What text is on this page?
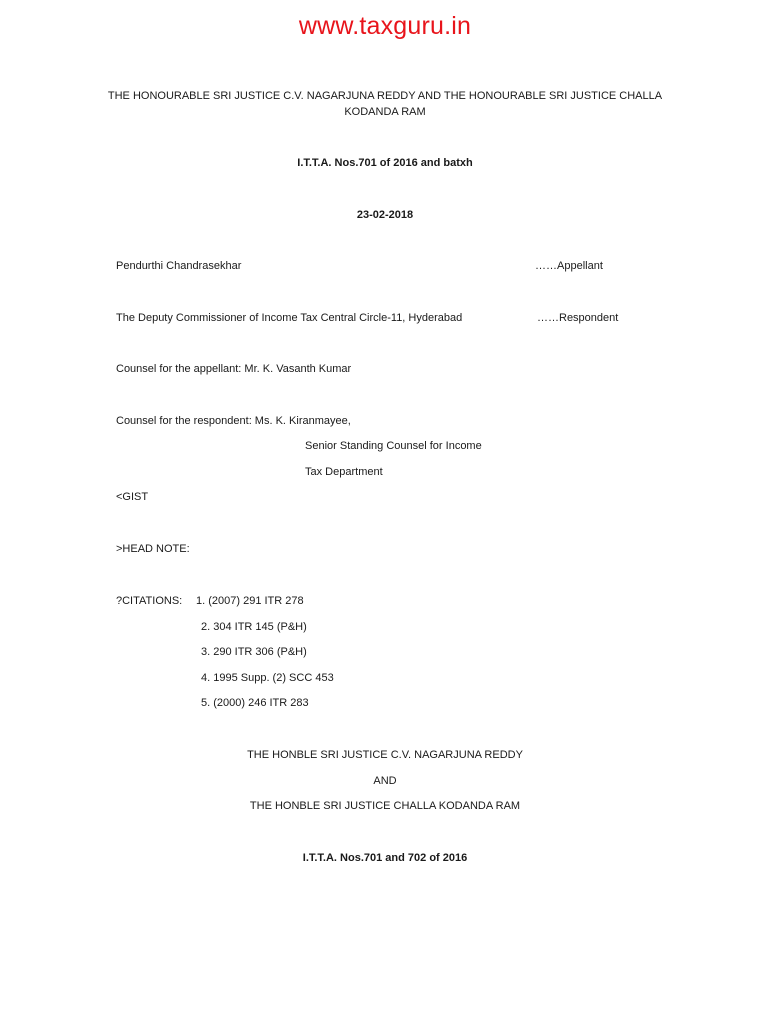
www.taxguru.in
THE HONOURABLE SRI JUSTICE C.V. NAGARJUNA REDDY AND THE HONOURABLE SRI JUSTICE CHALLA
KODANDA RAM
I.T.T.A. Nos.701 of 2016 and batxh
23-02-2018
Pendurthi Chandrasekhar	……Appellant
The Deputy Commissioner of Income Tax Central Circle-11, Hyderabad	……Respondent
Counsel for the appellant: Mr. K. Vasanth Kumar
Counsel for the respondent: Ms. K. Kiranmayee,
Senior Standing Counsel for Income
Tax Department
<GIST
>HEAD NOTE:
?CITATIONS: 1. (2007) 291 ITR 278
2. 304 ITR 145 (P&H)
3. 290 ITR 306 (P&H)
4. 1995 Supp. (2) SCC 453
5. (2000) 246 ITR 283
THE HONBLE SRI JUSTICE C.V. NAGARJUNA REDDY
AND
THE HONBLE SRI JUSTICE CHALLA KODANDA RAM
I.T.T.A. Nos.701 and 702 of 2016
